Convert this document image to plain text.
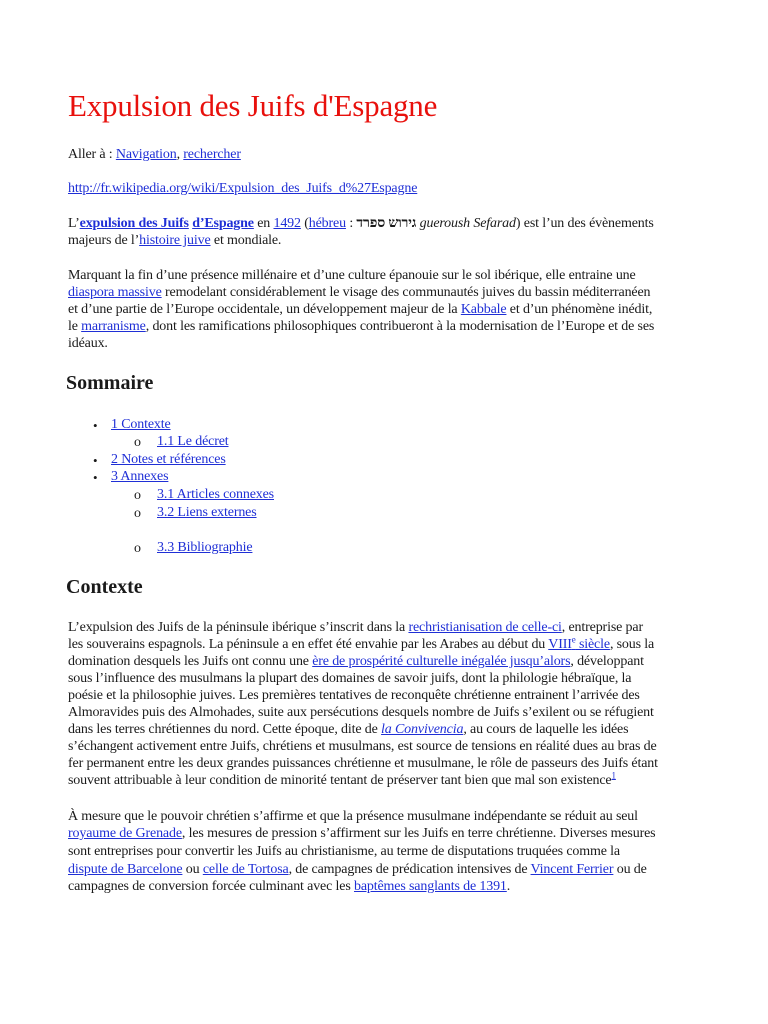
Expulsion des Juifs d'Espagne
Aller à : Navigation, rechercher
http://fr.wikipedia.org/wiki/Expulsion_des_Juifs_d%27Espagne
L’expulsion des Juifs d’Espagne en 1492 (hébreu : גירוש ספרד gueroush Sefarad) est l’un des évènements
majeurs de l’histoire juive et mondiale.
Marquant la fin d’une présence millénaire et d’une culture épanouie sur le sol ibérique, elle entraine une
diaspora massive remodelant considérablement le visage des communautés juives du bassin méditerranéen
et d’une partie de l’Europe occidentale, un développement majeur de la Kabbale et d’un phénomène inédit,
le marranisme, dont les ramifications philosophiques contribueront à la modernisation de l’Europe et de ses
idéaux.
Sommaire
• 1 Contexte
o 1.1 Le décret
• 2 Notes et références
• 3 Annexes
o 3.1 Articles connexes
o 3.2 Liens externes
o 3.3 Bibliographie
Contexte
L’expulsion des Juifs de la péninsule ibérique s’inscrit dans la rechristianisation de celle-ci, entreprise par
les souverains espagnols. La péninsule a en effet été envahie par les Arabes au début du VIIIe siècle, sous la
domination desquels les Juifs ont connu une ère de prospérité culturelle inégalée jusqu’alors, développant
sous l’influence des musulmans la plupart des domaines de savoir juifs, dont la philologie hébraïque, la
poésie et la philosophie juives. Les premières tentatives de reconquête chrétienne entrainent l’arrivée des
Almoravides puis des Almohades, suite aux persécutions desquels nombre de Juifs s’exilent ou se réfugient
dans les terres chrétiennes du nord. Cette époque, dite de la Convivencia, au cours de laquelle les idées
s’échangent activement entre Juifs, chrétiens et musulmans, est source de tensions en réalité dues au bras de
fer permanent entre les deux grandes puissances chrétienne et musulmane, le rôle de passeurs des Juifs étant
souvent attribuable à leur condition de minorité tentant de préserver tant bien que mal son existence$^1$
À mesure que le pouvoir chrétien s’affirme et que la présence musulmane indépendante se réduit au seul
royaume de Grenade, les mesures de pression s’affirment sur les Juifs en terre chrétienne. Diverses mesures
sont entreprises pour convertir les Juifs au christianisme, au terme de disputations truquées comme la
dispute de Barcelone ou celle de Tortosa, de campagnes de prédication intensives de Vincent Ferrier ou de
campagnes de conversion forcée culminant avec les baptêmes sanglants de 1391.
